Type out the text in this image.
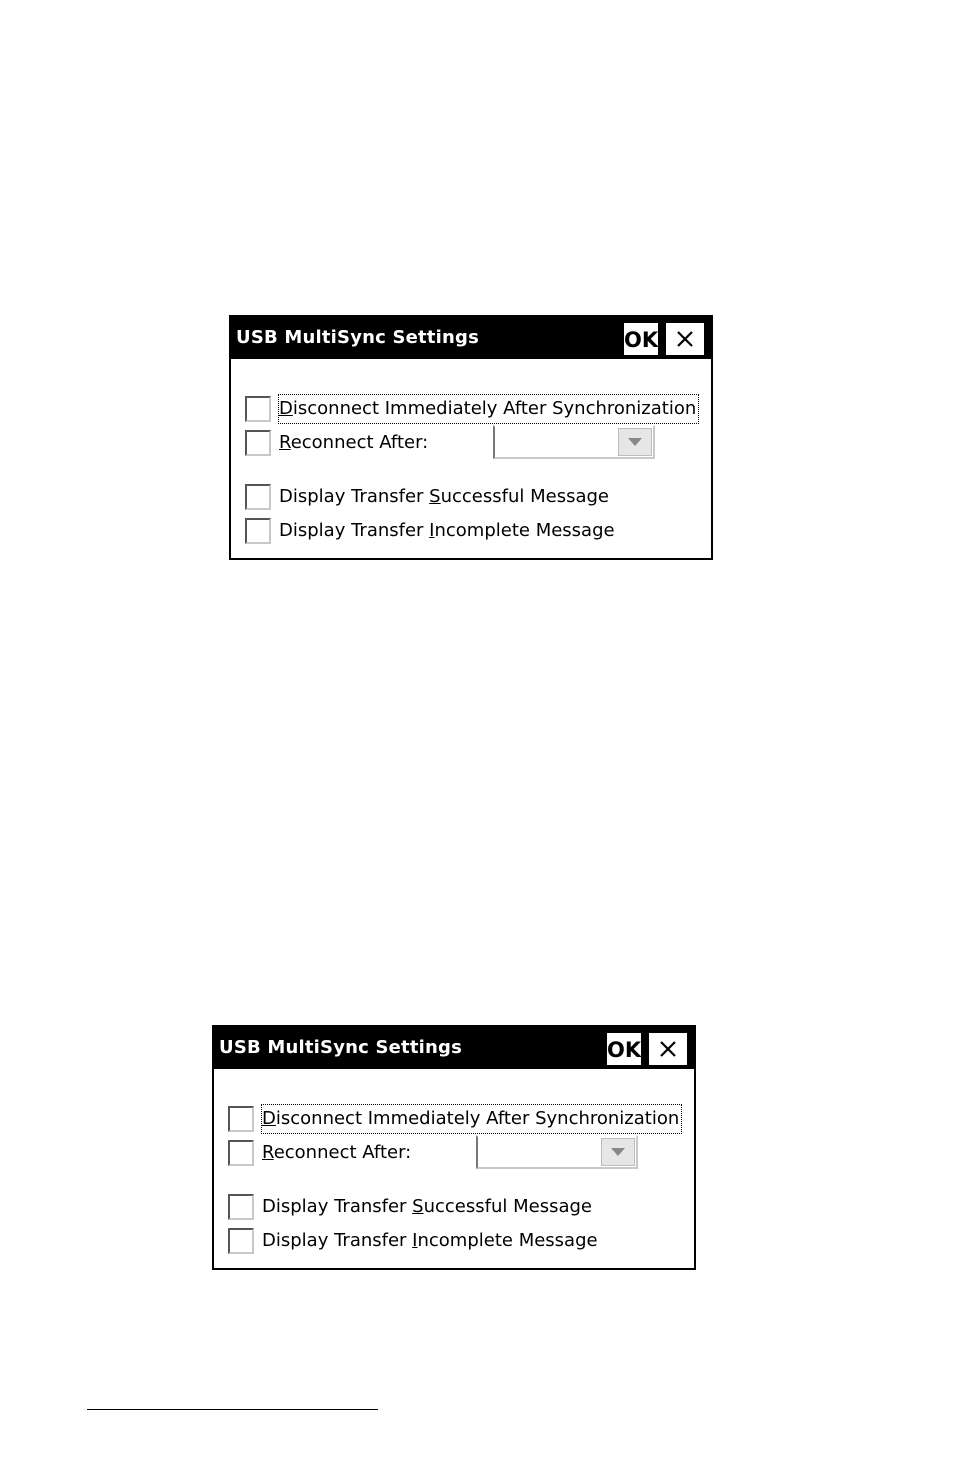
USB MultiSync Settings	OK
Disconnect Immediately After Synchronization
Reconnect After:
Display Transfer Successful Message
Display Transfer Incomplete Message
USB MultiSync Settings	OK
Disconnect Immediately After Synchronization
Reconnect After:
Display Transfer Successful Message
Display Transfer Incomplete Message
